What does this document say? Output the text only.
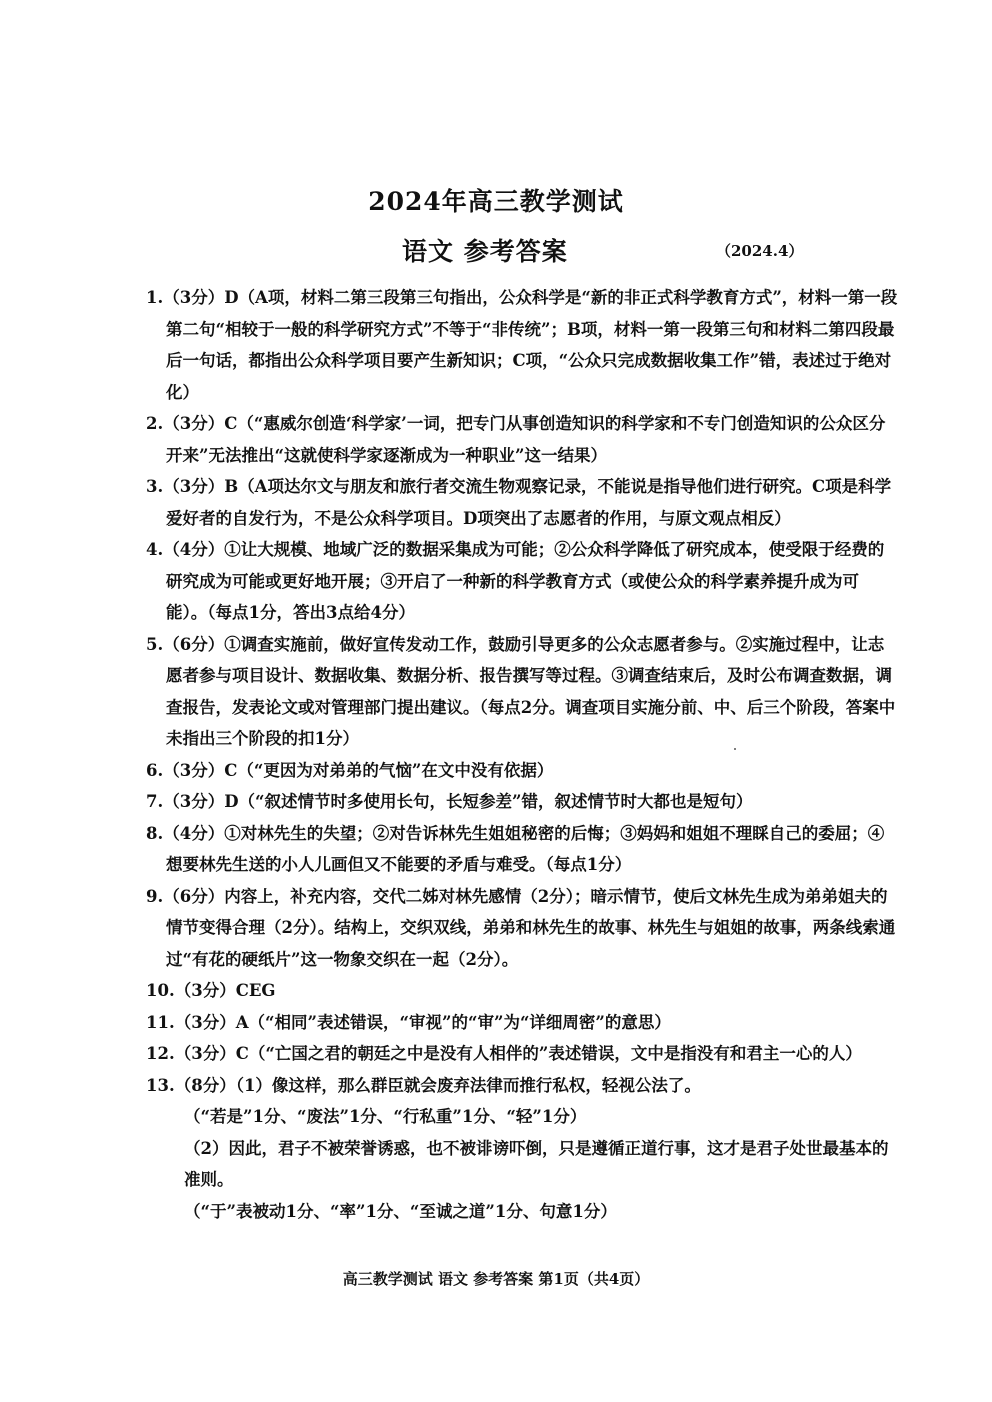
2024年高三教学测试
语文 参考答案	（2024.4）
1.（3分）D（A项，材料二第三段第三句指出，公众科学是“新的非正式科学教育方式”，材料一第一段第二句“相较于一般的科学研究方式”不等于“非传统”；B项，材料一第一段第三句和材料二第四段最后一句话，都指出公众科学项目要产生新知识；C项，“公众只完成数据收集工作”错，表述过于绝对化）
2.（3分）C（“惠威尔创造‘科学家’一词，把专门从事创造知识的科学家和不专门创造知识的公众区分开来”无法推出“这就使科学家逐渐成为一种职业”这一结果）
3.（3分）B（A项达尔文与朋友和旅行者交流生物观察记录，不能说是指导他们进行研究。C项是科学爱好者的自发行为，不是公众科学项目。D项突出了志愿者的作用，与原文观点相反）
4.（4分）①让大规模、地域广泛的数据采集成为可能；②公众科学降低了研究成本，使受限于经费的研究成为可能或更好地开展；③开启了一种新的科学教育方式（或使公众的科学素养提升成为可能）。（每点1分，答出3点给4分）
5.（6分）①调查实施前，做好宣传发动工作，鼓励引导更多的公众志愿者参与。②实施过程中，让志愿者参与项目设计、数据收集、数据分析、报告撰写等过程。③调查结束后，及时公布调查数据，调查报告，发表论文或对管理部门提出建议。（每点2分。调查项目实施分前、中、后三个阶段，答案中未指出三个阶段的扣1分）
6.（3分）C（“更因为对弟弟的气恼”在文中没有依据）
7.（3分）D（“叙述情节时多使用长句，长短参差”错，叙述情节时大都也是短句）
8.（4分）①对林先生的失望；②对告诉林先生姐姐秘密的后悔；③妈妈和姐姐不理睬自己的委屈；④想要林先生送的小人儿画但又不能要的矛盾与难受。（每点1分）
9.（6分）内容上，补充内容，交代二姊对林先感情（2分）；暗示情节，使后文林先生成为弟弟姐夫的情节变得合理（2分）。结构上，交织双线，弟弟和林先生的故事、林先生与姐姐的故事，两条线索通过“有花的硬纸片”这一物象交织在一起（2分）。
10.（3分）CEG
11.（3分）A（“相同”表述错误，“审视”的“审”为“详细周密”的意思）
12.（3分）C（“亡国之君的朝廷之中是没有人相伴的”表述错误，文中是指没有和君主一心的人）
13.（8分）（1）像这样，那么群臣就会废弃法律而推行私权，轻视公法了。
（“若是”1分、“废法”1分、“行私重”1分、“轻”1分）
（2）因此，君子不被荣誉诱惑，也不被诽谤吓倒，只是遵循正道行事，这才是君子处世最基本的准则。
（“于”表被动1分、“率”1分、“至诚之道”1分、句意1分）
高三教学测试 语文 参考答案 第1页（共4页）
